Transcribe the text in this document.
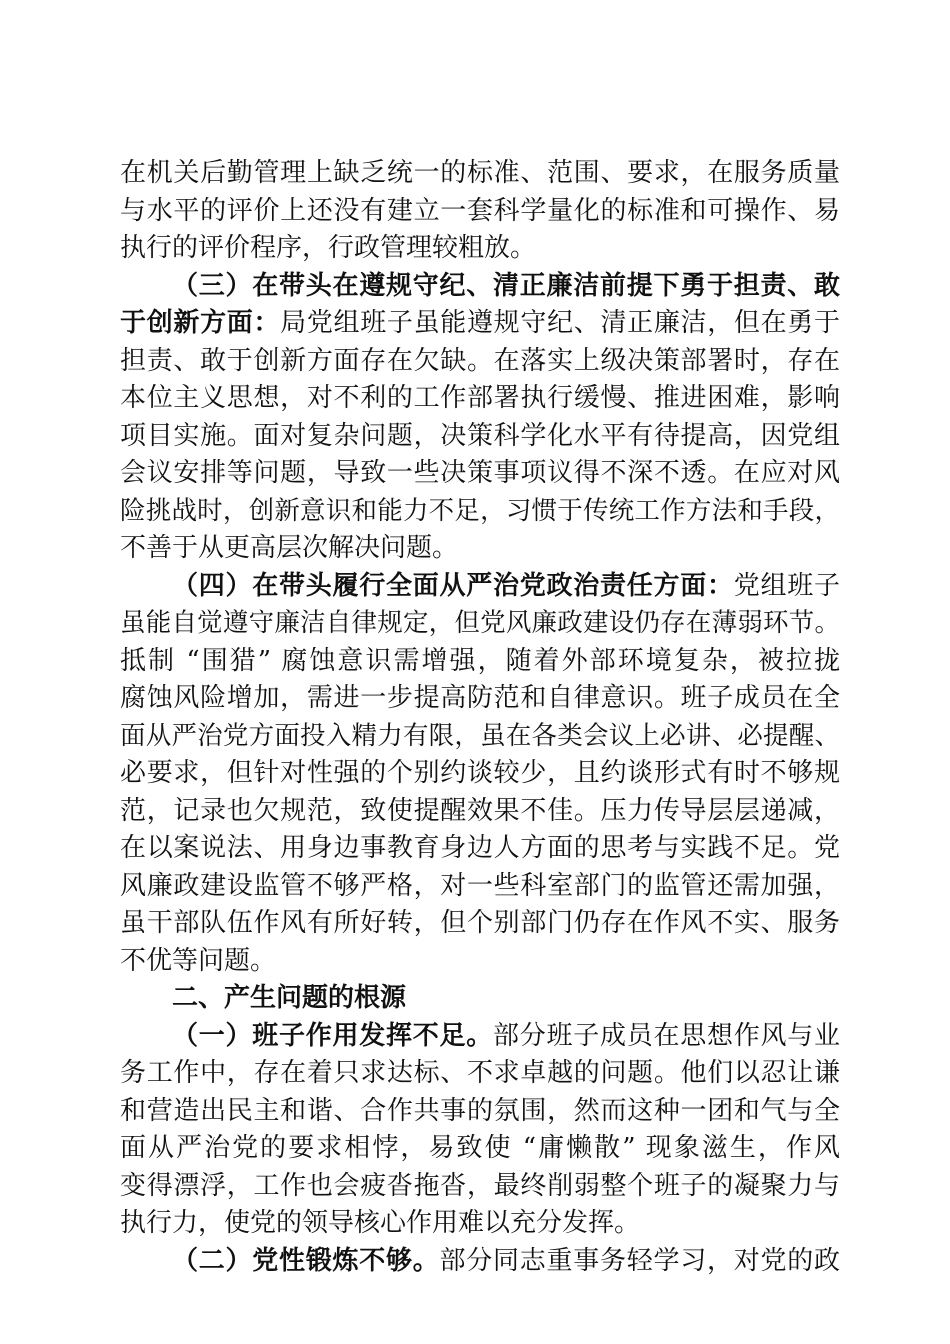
在机关后勤管理上缺乏统一的标准、范围、要求，在服务质量
与水平的评价上还没有建立一套科学量化的标准和可操作、易
执行的评价程序，行政管理较粗放。
（三）在带头在遵规守纪、清正廉洁前提下勇于担责、敢
于创新方面：局党组班子虽能遵规守纪、清正廉洁，但在勇于
担责、敢于创新方面存在欠缺。在落实上级决策部署时，存在
本位主义思想，对不利的工作部署执行缓慢、推进困难，影响
项目实施。面对复杂问题，决策科学化水平有待提高，因党组
会议安排等问题，导致一些决策事项议得不深不透。在应对风
险挑战时，创新意识和能力不足，习惯于传统工作方法和手段，
不善于从更高层次解决问题。
（四）在带头履行全面从严治党政治责任方面：党组班子
虽能自觉遵守廉洁自律规定，但党风廉政建设仍存在薄弱环节。
抵制 “围猎” 腐蚀意识需增强，随着外部环境复杂，被拉拢
腐蚀风险增加，需进一步提高防范和自律意识。班子成员在全
面从严治党方面投入精力有限，虽在各类会议上必讲、必提醒、
必要求，但针对性强的个别约谈较少，且约谈形式有时不够规
范，记录也欠规范，致使提醒效果不佳。压力传导层层递减，
在以案说法、用身边事教育身边人方面的思考与实践不足。党
风廉政建设监管不够严格，对一些科室部门的监管还需加强，
虽干部队伍作风有所好转，但个别部门仍存在作风不实、服务
不优等问题。
二、产生问题的根源
（一）班子作用发挥不足。部分班子成员在思想作风与业
务工作中，存在着只求达标、不求卓越的问题。他们以忍让谦
和营造出民主和谐、合作共事的氛围，然而这种一团和气与全
面从严治党的要求相悖，易致使 “庸懒散” 现象滋生，作风
变得漂浮，工作也会疲沓拖沓，最终削弱整个班子的凝聚力与
执行力，使党的领导核心作用难以充分发挥。
（二）党性锻炼不够。部分同志重事务轻学习，对党的政
